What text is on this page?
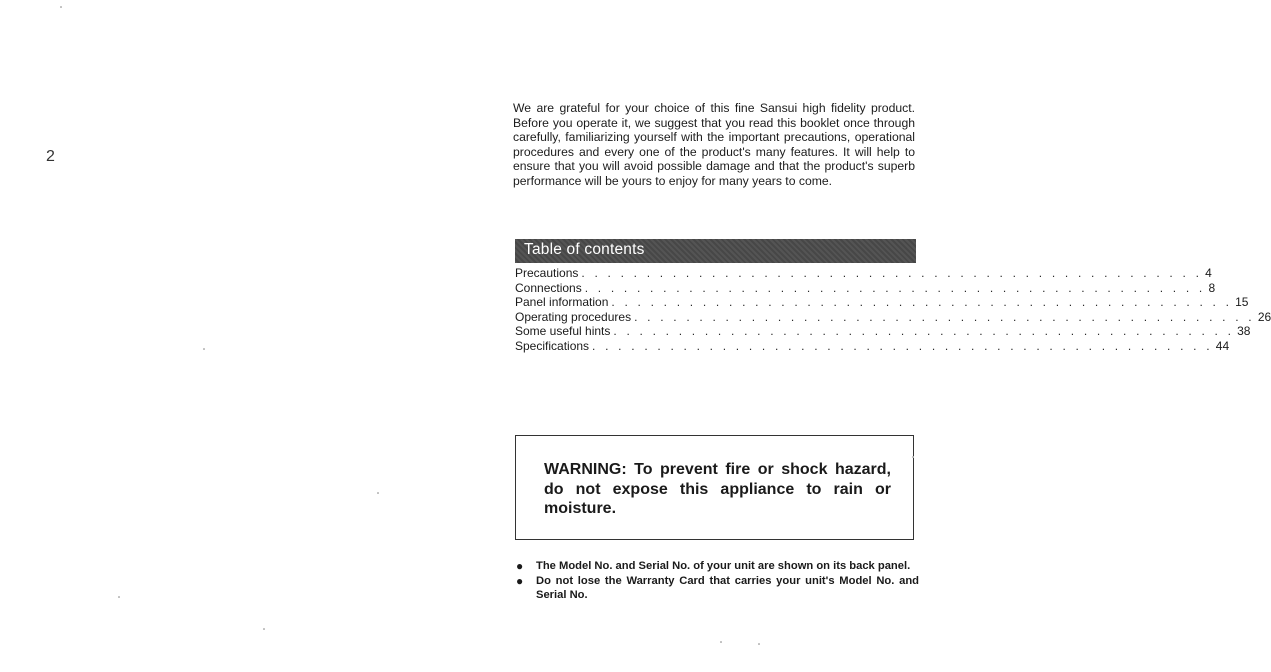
2

We are grateful for your choice of this fine Sansui high fidelity product. Before you operate it, we suggest that you read this booklet once through carefully, familiarizing yourself with the important precautions, operational procedures and every one of the product's many features. It will help to ensure that you will avoid possible damage and that the product's superb performance will be yours to enjoy for many years to come.

Table of contents
Precautions . . . . . . . . . . . . . . . . . . . . . . . . . . . . . . . . . . . . . . . . . . . . . . . . 4
Connections . . . . . . . . . . . . . . . . . . . . . . . . . . . . . . . . . . . . . . . . . . . . . . . . 8
Panel information . . . . . . . . . . . . . . . . . . . . . . . . . . . . . . . . . . . . . . . . . . . . . . . . 15
Operating procedures . . . . . . . . . . . . . . . . . . . . . . . . . . . . . . . . . . . . . . . . . . . . . . . . 26
Some useful hints . . . . . . . . . . . . . . . . . . . . . . . . . . . . . . . . . . . . . . . . . . . . . . . . 38
Specifications . . . . . . . . . . . . . . . . . . . . . . . . . . . . . . . . . . . . . . . . . . . . . . . . 44
WARNING: To prevent fire or shock hazard, do not expose this appliance to rain or moisture.
● The Model No. and Serial No. of your unit are shown on its back panel.
● Do not lose the Warranty Card that carries your unit's Model No. and Serial No.
